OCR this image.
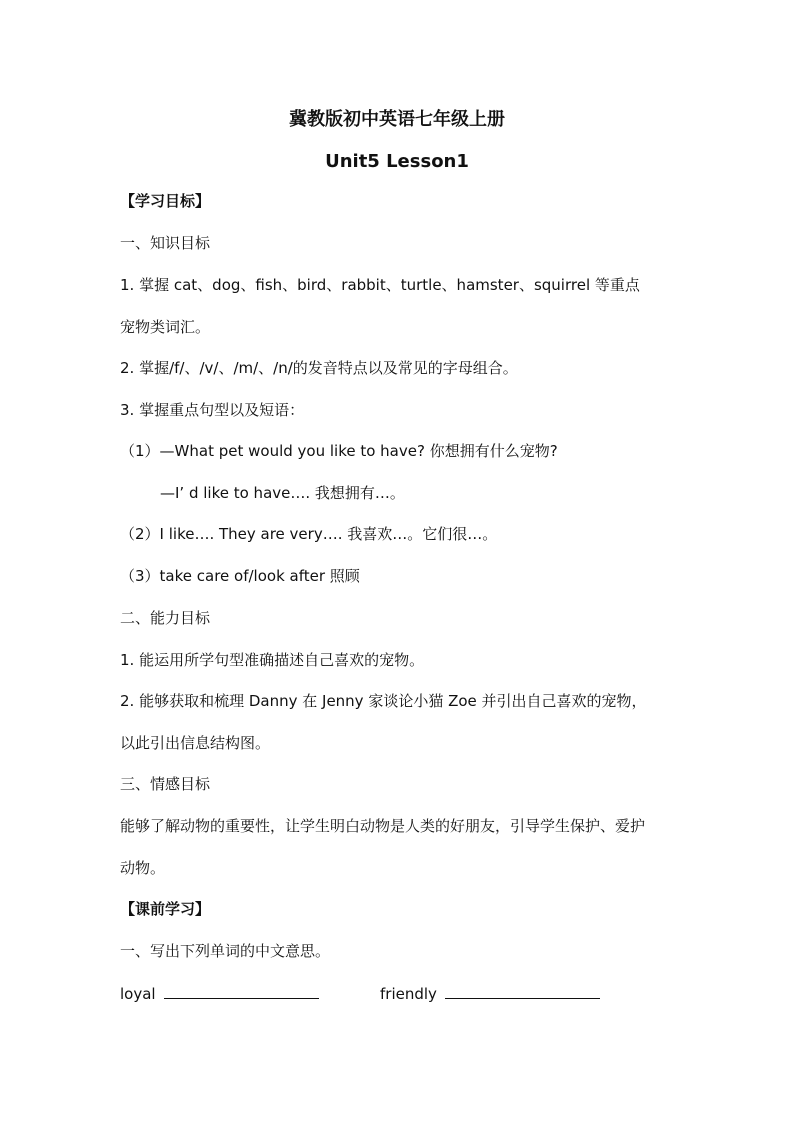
冀教版初中英语七年级上册
Unit5 Lesson1
【学习目标】
一、知识目标
1. 掌握 cat、dog、fish、bird、rabbit、turtle、hamster、squirrel 等重点
宠物类词汇。
2. 掌握/f/、/v/、/m/、/n/的发音特点以及常见的字母组合。
3. 掌握重点句型以及短语：
（1）—What pet would you like to have? 你想拥有什么宠物?
—I’ d like to have…. 我想拥有…。
（2）I like…. They are very…. 我喜欢…。它们很…。
（3）take care of/look after 照顾
二、能力目标
1. 能运用所学句型准确描述自己喜欢的宠物。
2. 能够获取和梳理 Danny 在 Jenny 家谈论小猫 Zoe 并引出自己喜欢的宠物，
以此引出信息结构图。
三、情感目标
能够了解动物的重要性，让学生明白动物是人类的好朋友，引导学生保护、爱护
动物。
【课前学习】
一、写出下列单词的中文意思。
loyal	friendly
